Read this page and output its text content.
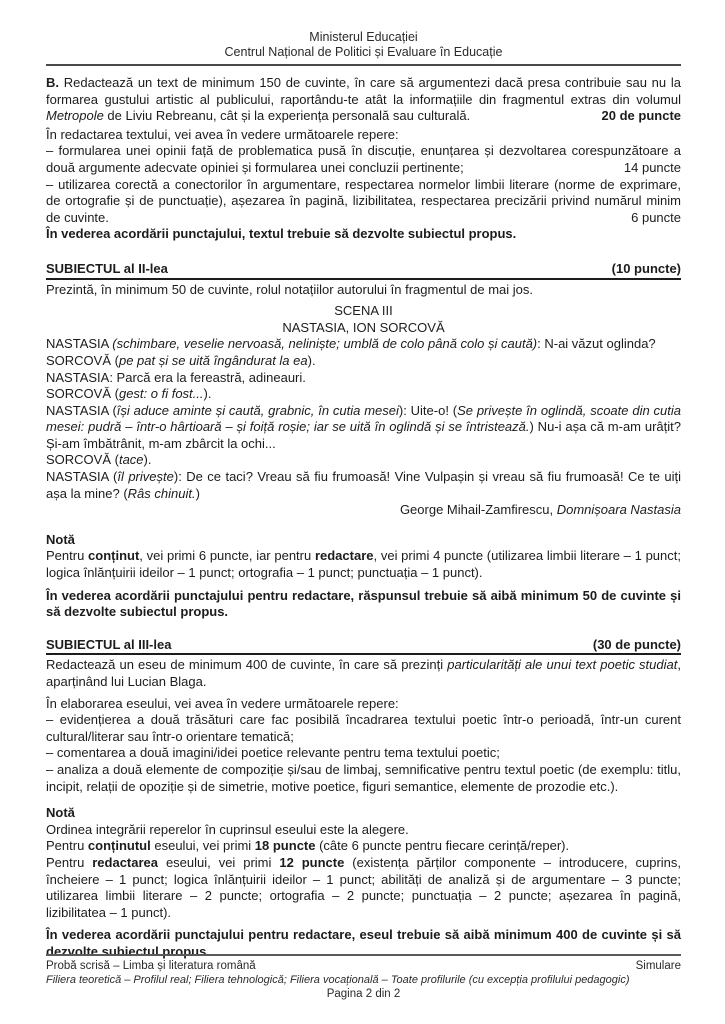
Ministerul Educației
Centrul Național de Politici și Evaluare în Educație

B. Redactează un text de minimum 150 de cuvinte, în care să argumentezi dacă presa contribuie sau nu la formarea gustului artistic al publicului, raportându-te atât la informațiile din fragmentul extras din volumul Metropole de Liviu Rebreanu, cât și la experiența personală sau culturală.	20 de puncte

În redactarea textului, vei avea în vedere următoarele repere:

– formularea unei opinii față de problematica pusă în discuție, enunțarea și dezvoltarea corespunzătoare a două argumente adecvate opiniei și formularea unei concluzii pertinente;	14 puncte

– utilizarea corectă a conectorilor în argumentare, respectarea normelor limbii literare (norme de exprimare, de ortografie și de punctuație), așezarea în pagină, lizibilitatea, respectarea precizării privind numărul minim de cuvinte.	6 puncte

În vederea acordării punctajului, textul trebuie să dezvolte subiectul propus.

SUBIECTUL al II-lea	(10 puncte)

Prezintă, în minimum 50 de cuvinte, rolul notațiilor autorului în fragmentul de mai jos.

SCENA III

NASTASIA, ION SORCOVĂ

NASTASIA (schimbare, veselie nervoasă, neliniște; umblă de colo până colo și caută): N-ai văzut oglinda?

SORCOVĂ (pe pat și se uită îngândurat la ea).

NASTASIA: Parcă era la fereastră, adineauri.

SORCOVĂ (gest: o fi fost...).

NASTASIA (își aduce aminte și caută, grabnic, în cutia mesei): Uite-o! (Se privește în oglindă, scoate din cutia mesei: pudră – într-o hârtioară – și foiță roșie; iar se uită în oglindă și se întristează.) Nu-i așa că m-am urâțit? Și-am îmbătrânit, m-am zbârcit la ochi...

SORCOVĂ (tace).

NASTASIA (îl privește): De ce taci? Vreau să fiu frumoasă! Vine Vulpașin și vreau să fiu frumoasă! Ce te uiți așa la mine? (Râs chinuit.)

George Mihail-Zamfirescu, Domnișoara Nastasia

Notă

Pentru conținut, vei primi 6 puncte, iar pentru redactare, vei primi 4 puncte (utilizarea limbii literare – 1 punct; logica înlănțuirii ideilor – 1 punct; ortografia – 1 punct; punctuația – 1 punct).

În vederea acordării punctajului pentru redactare, răspunsul trebuie să aibă minimum 50 de cuvinte și să dezvolte subiectul propus.

SUBIECTUL al III-lea	(30 de puncte)

Redactează un eseu de minimum 400 de cuvinte, în care să prezinți particularități ale unui text poetic studiat, aparținând lui Lucian Blaga.

În elaborarea eseului, vei avea în vedere următoarele repere:

– evidențierea a două trăsături care fac posibilă încadrarea textului poetic într-o perioadă, într-un curent cultural/literar sau într-o orientare tematică;

– comentarea a două imagini/idei poetice relevante pentru tema textului poetic;

– analiza a două elemente de compoziție și/sau de limbaj, semnificative pentru textul poetic (de exemplu: titlu, incipit, relații de opoziție și de simetrie, motive poetice, figuri semantice, elemente de prozodie etc.).

Notă

Ordinea integrării reperelor în cuprinsul eseului este la alegere.

Pentru conținutul eseului, vei primi 18 puncte (câte 6 puncte pentru fiecare cerință/reper).

Pentru redactarea eseului, vei primi 12 puncte (existența părților componente – introducere, cuprins, încheiere – 1 punct; logica înlănțuirii ideilor – 1 punct; abilități de analiză și de argumentare – 3 puncte; utilizarea limbii literare – 2 puncte; ortografia – 2 puncte; punctuația – 2 puncte; așezarea în pagină, lizibilitatea – 1 punct).

În vederea acordării punctajului pentru redactare, eseul trebuie să aibă minimum 400 de cuvinte și să dezvolte subiectul propus.

Probă scrisă – Limba și literatura română	Simulare
Filiera teoretică – Profilul real; Filiera tehnologică; Filiera vocațională – Toate profilurile (cu excepția profilului pedagogic)
Pagina 2 din 2
